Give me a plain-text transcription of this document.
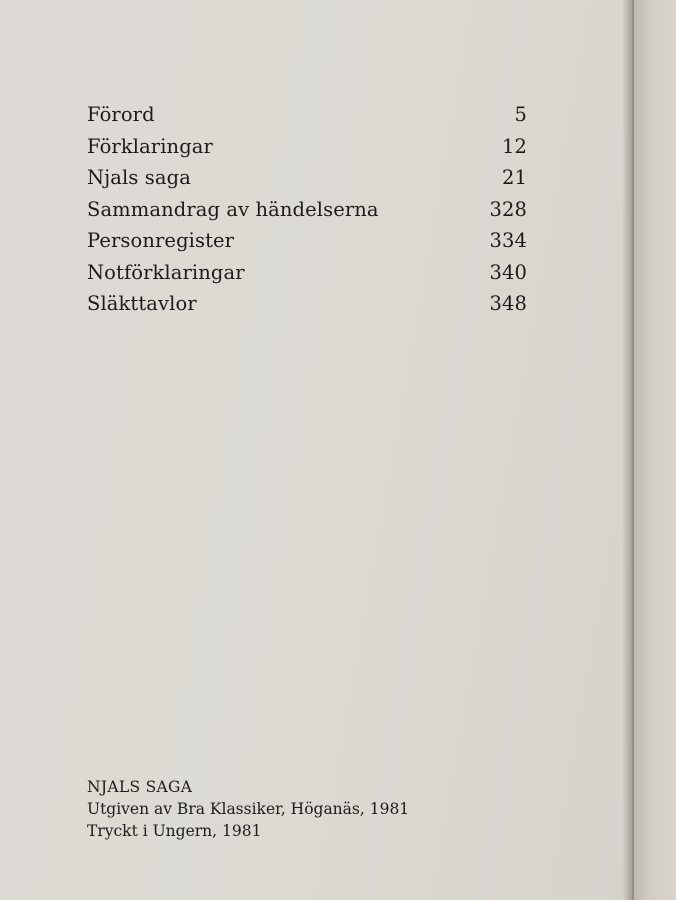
Förord	5
Förklaringar	12
Njals saga	21
Sammandrag av händelserna	328
Personregister	334
Notförklaringar	340
Släkttavlor	348
NJALS SAGA
Utgiven av Bra Klassiker, Höganäs, 1981
Tryckt i Ungern, 1981
